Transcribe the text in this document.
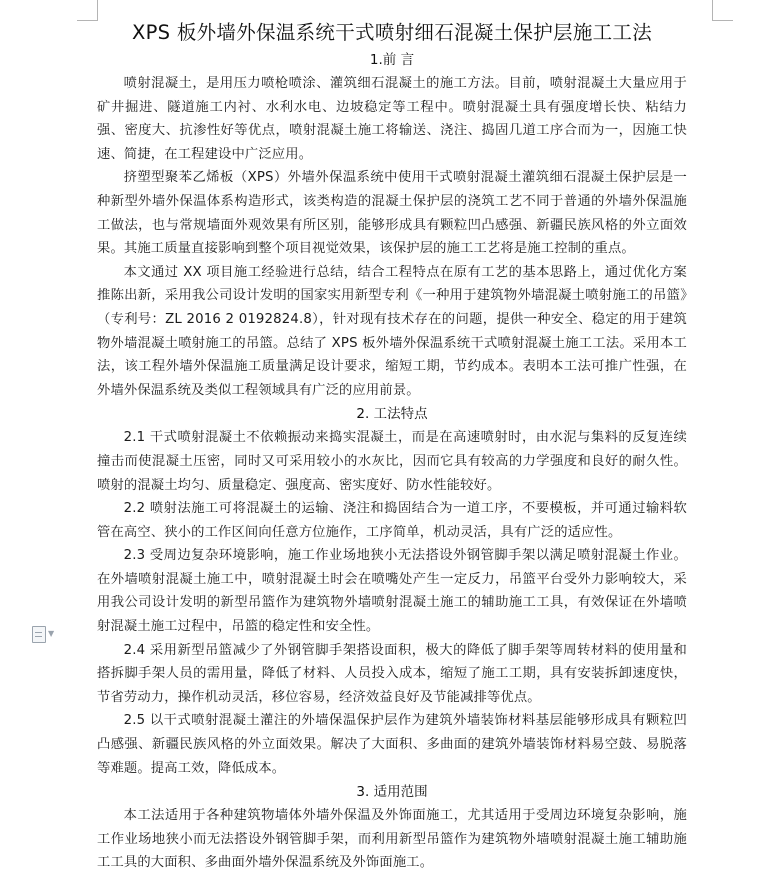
▼
XPS 板外墙外保温系统干式喷射细石混凝土保护层施工工法
1.前 言

喷射混凝土，是用压力喷枪喷涂、灌筑细石混凝土的施工方法。目前，喷射混凝土大量应用于矿井掘进、隧道施工内衬、水利水电、边坡稳定等工程中。喷射混凝土具有强度增长快、粘结力强、密度大、抗渗性好等优点，喷射混凝土施工将输送、浇注、捣固几道工序合而为一，因施工快速、简捷，在工程建设中广泛应用。

挤塑型聚苯乙烯板（XPS）外墙外保温系统中使用干式喷射混凝土灌筑细石混凝土保护层是一种新型外墙外保温体系构造形式，该类构造的混凝土保护层的浇筑工艺不同于普通的外墙外保温施工做法，也与常规墙面外观效果有所区别，能够形成具有颗粒凹凸感强、新疆民族风格的外立面效果。其施工质量直接影响到整个项目视觉效果，该保护层的施工工艺将是施工控制的重点。

本文通过 XX 项目施工经验进行总结，结合工程特点在原有工艺的基本思路上，通过优化方案推陈出新，采用我公司设计发明的国家实用新型专利《一种用于建筑物外墙混凝土喷射施工的吊篮》（专利号：ZL 2016 2 0192824.8），针对现有技术存在的问题，提供一种安全、稳定的用于建筑物外墙混凝土喷射施工的吊篮。总结了 XPS 板外墙外保温系统干式喷射混凝土施工工法。采用本工法，该工程外墙外保温施工质量满足设计要求，缩短工期，节约成本。表明本工法可推广性强，在外墙外保温系统及类似工程领域具有广泛的应用前景。

2. 工法特点

2.1 干式喷射混凝土不依赖振动来捣实混凝土，而是在高速喷射时，由水泥与集料的反复连续撞击而使混凝土压密，同时又可采用较小的水灰比，因而它具有较高的力学强度和良好的耐久性。喷射的混凝土均匀、质量稳定、强度高、密实度好、防水性能较好。

2.2 喷射法施工可将混凝土的运输、浇注和捣固结合为一道工序，不要模板，并可通过输料软管在高空、狭小的工作区间向任意方位施作，工序简单，机动灵活，具有广泛的适应性。

2.3 受周边复杂环境影响，施工作业场地狭小无法搭设外钢管脚手架以满足喷射混凝土作业。在外墙喷射混凝土施工中，喷射混凝土时会在喷嘴处产生一定反力，吊篮平台受外力影响较大，采用我公司设计发明的新型吊篮作为建筑物外墙喷射混凝土施工的辅助施工工具，有效保证在外墙喷射混凝土施工过程中，吊篮的稳定性和安全性。

2.4 采用新型吊篮减少了外钢管脚手架搭设面积，极大的降低了脚手架等周转材料的使用量和搭拆脚手架人员的需用量，降低了材料、人员投入成本，缩短了施工工期，具有安装拆卸速度快，节省劳动力，操作机动灵活，移位容易，经济效益良好及节能减排等优点。

2.5 以干式喷射混凝土灌注的外墙保温保护层作为建筑外墙装饰材料基层能够形成具有颗粒凹凸感强、新疆民族风格的外立面效果。解决了大面积、多曲面的建筑外墙装饰材料易空鼓、易脱落等难题。提高工效，降低成本。

3. 适用范围

本工法适用于各种建筑物墙体外墙外保温及外饰面施工，尤其适用于受周边环境复杂影响，施工作业场地狭小而无法搭设外钢管脚手架，而利用新型吊篮作为建筑物外墙喷射混凝土施工辅助施工工具的大面积、多曲面外墙外保温系统及外饰面施工。
